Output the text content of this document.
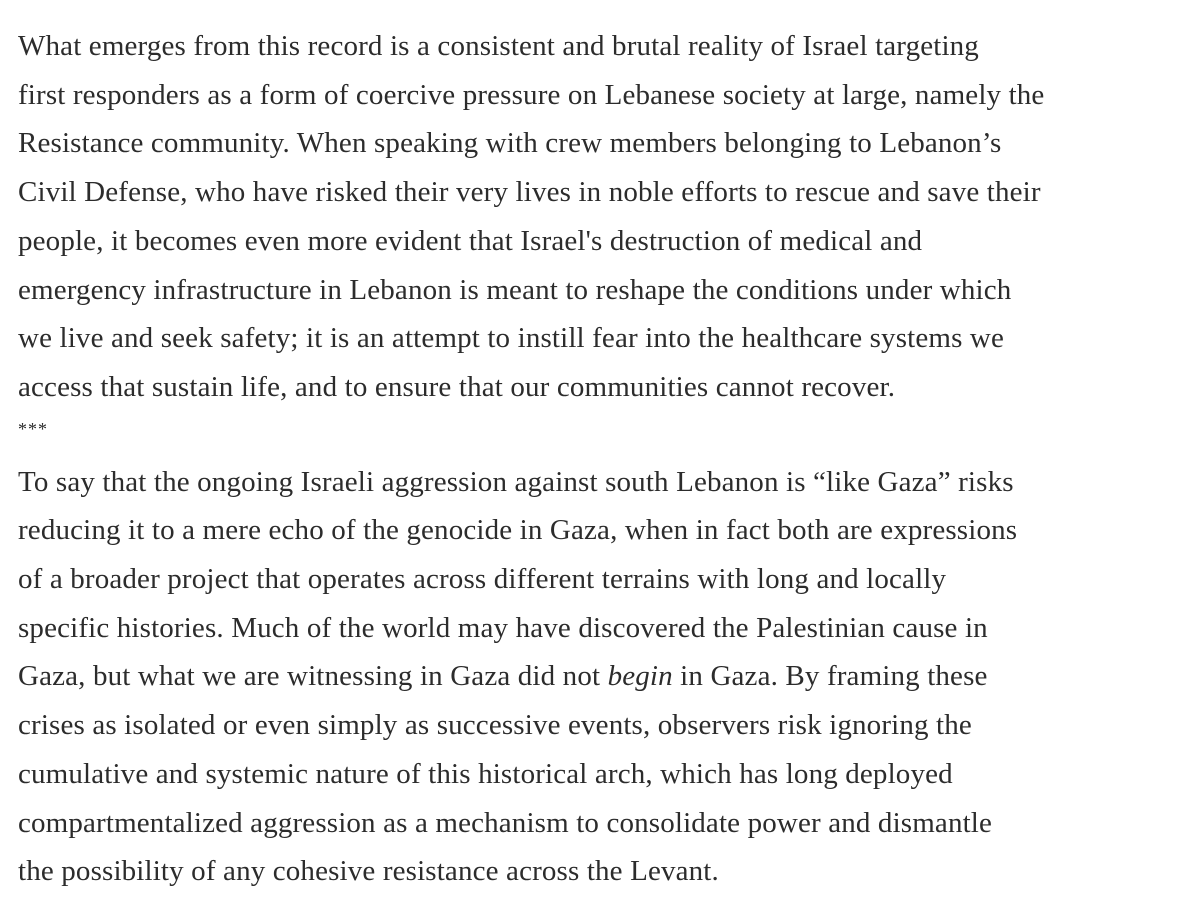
What emerges from this record is a consistent and brutal reality of Israel targeting
first responders as a form of coercive pressure on Lebanese society at large, namely the
Resistance community. When speaking with crew members belonging to Lebanon’s
Civil Defense, who have risked their very lives in noble efforts to rescue and save their
people, it becomes even more evident that Israel's destruction of medical and
emergency infrastructure in Lebanon is meant to reshape the conditions under which
we live and seek safety; it is an attempt to instill fear into the healthcare systems we
access that sustain life, and to ensure that our communities cannot recover.

***

To say that the ongoing Israeli aggression against south Lebanon is “like Gaza” risks
reducing it to a mere echo of the genocide in Gaza, when in fact both are expressions
of a broader project that operates across different terrains with long and locally
specific histories. Much of the world may have discovered the Palestinian cause in
Gaza, but what we are witnessing in Gaza did not begin in Gaza. By framing these
crises as isolated or even simply as successive events, observers risk ignoring the
cumulative and systemic nature of this historical arch, which has long deployed
compartmentalized aggression as a mechanism to consolidate power and dismantle
the possibility of any cohesive resistance across the Levant.
